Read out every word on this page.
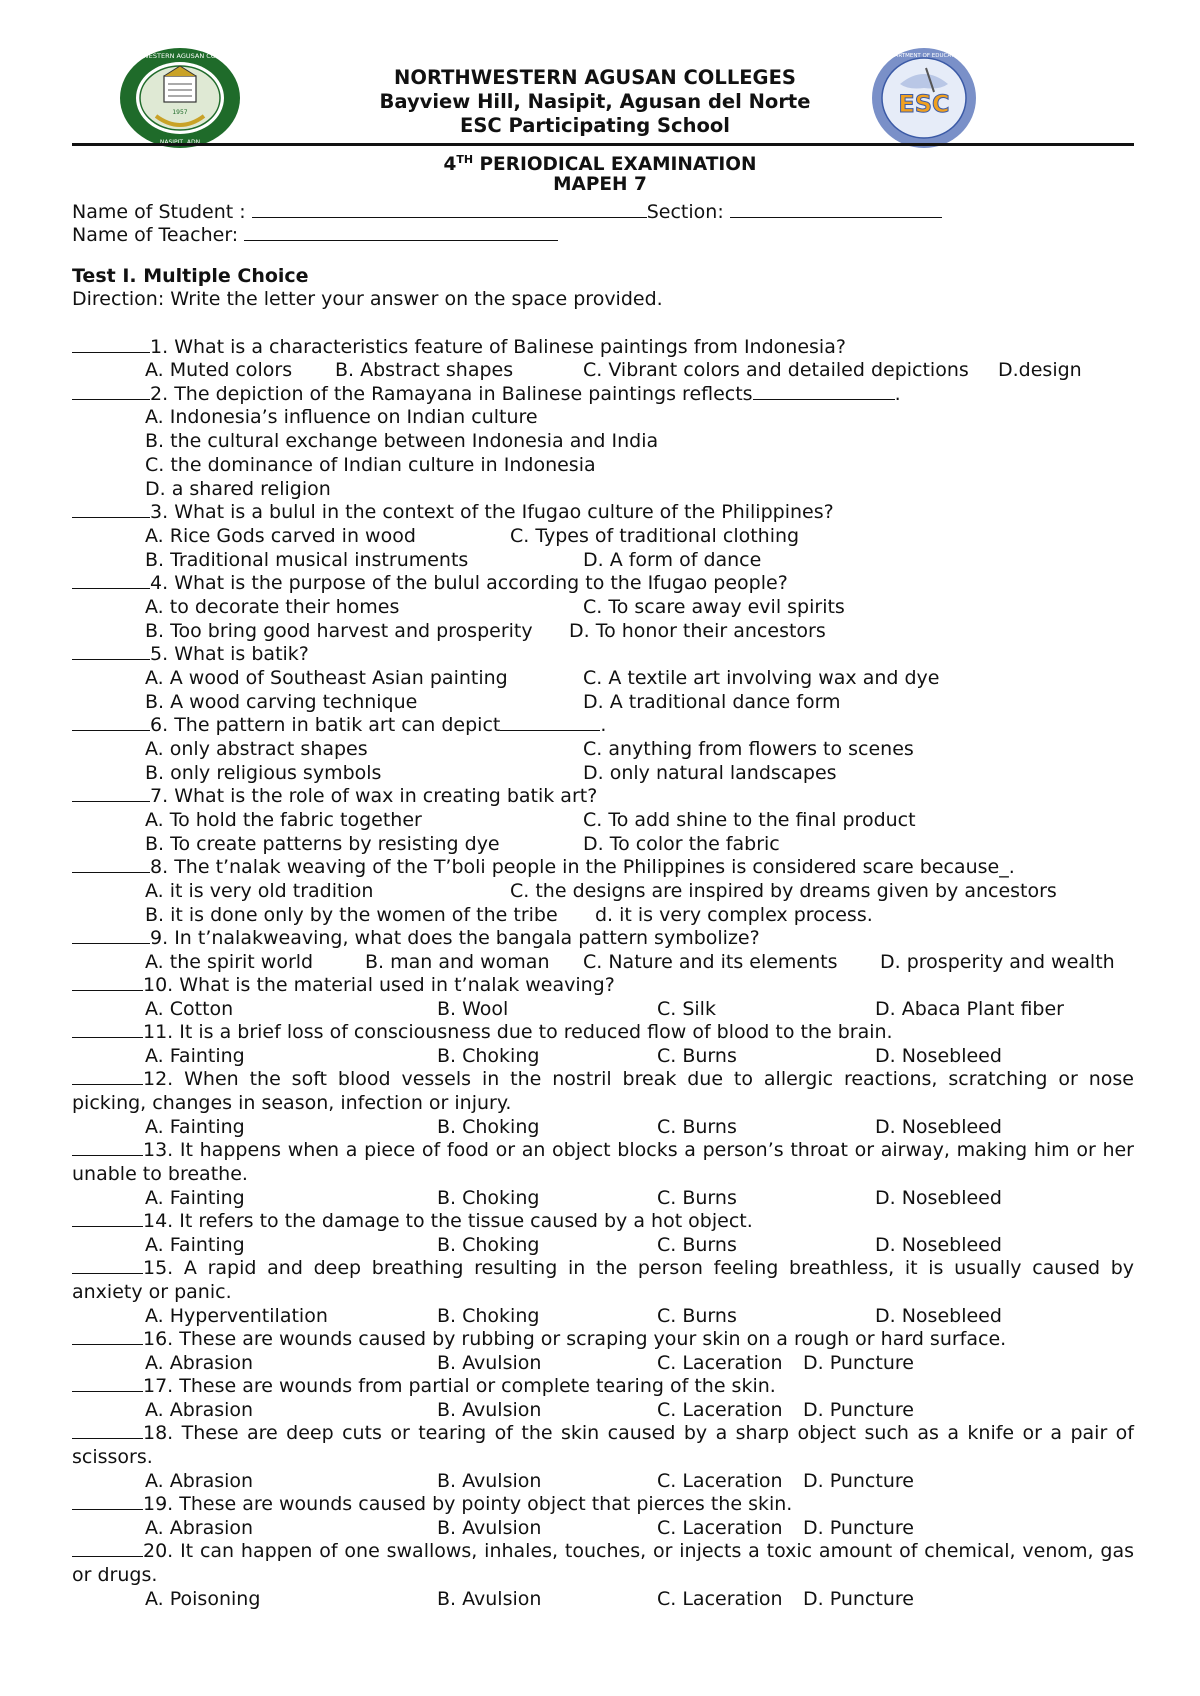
1957
NORTHWESTERN AGUSAN COLLEGES
ESC
DEPARTMENT OF EDUCATION
NORTHWESTERN AGUSAN COLLEGES
Bayview Hill, Nasipit, Agusan del Norte
ESC Participating School
4TH PERIODICAL EXAMINATION
MAPEH 7
Name of Student :	Section:
Name of Teacher:
Test I. Multiple Choice
Direction: Write the letter your answer on the space provided.
1. What is a characteristics feature of Balinese paintings from Indonesia?
A. Muted colors B. Abstract shapes	C. Vibrant colors and detailed depictions D.design
2. The depiction of the Ramayana in Balinese paintings reflects	.
A. Indonesia’s influence on Indian culture
B. the cultural exchange between Indonesia and India
C. the dominance of Indian culture in Indonesia
D. a shared religion
3. What is a bulul in the context of the Ifugao culture of the Philippines?
A. Rice Gods carved in wood	C. Types of traditional clothing
B. Traditional musical instruments	D. A form of dance
4. What is the purpose of the bulul according to the Ifugao people?
A. to decorate their homes	C. To scare away evil spirits
B. Too bring good harvest and prosperity D. To honor their ancestors
5. What is batik?
A. A wood of Southeast Asian painting	C. A textile art involving wax and dye
B. A wood carving technique	D. A traditional dance form
6. The pattern in batik art can depict	.
A. only abstract shapes	C. anything from flowers to scenes
B. only religious symbols	D. only natural landscapes
7. What is the role of wax in creating batik art?
A. To hold the fabric together	C. To add shine to the final product
B. To create patterns by resisting dye	D. To color the fabric
8. The t’nalak weaving of the T’boli people in the Philippines is considered scare because_.
A. it is very old tradition	C. the designs are inspired by dreams given by ancestors
B. it is done only by the women of the tribe d. it is very complex process.
9. In t’nalakweaving, what does the bangala pattern symbolize?
A. the spirit world	B. man and woman C. Nature and its elements D. prosperity and wealth
10. What is the material used in t’nalak weaving?
A. Cotton	B. Wool	C. Silk	D. Abaca Plant fiber
11. It is a brief loss of consciousness due to reduced flow of blood to the brain.
A. Fainting	B. Choking	C. Burns	D. Nosebleed
12. When the soft blood vessels in the nostril break due to allergic reactions, scratching or nose picking, changes in season, infection or injury.
A. Fainting	B. Choking	C. Burns	D. Nosebleed
13. It happens when a piece of food or an object blocks a person’s throat or airway, making him or her unable to breathe.
A. Fainting	B. Choking	C. Burns	D. Nosebleed
14. It refers to the damage to the tissue caused by a hot object.
A. Fainting	B. Choking	C. Burns	D. Nosebleed
15. A rapid and deep breathing resulting in the person feeling breathless, it is usually caused by anxiety or panic.
A. Hyperventilation	B. Choking	C. Burns	D. Nosebleed
16. These are wounds caused by rubbing or scraping your skin on a rough or hard surface.
A. Abrasion	B. Avulsion	C. Laceration D. Puncture
17. These are wounds from partial or complete tearing of the skin.
A. Abrasion	B. Avulsion	C. Laceration D. Puncture
18. These are deep cuts or tearing of the skin caused by a sharp object such as a knife or a pair of scissors.
A. Abrasion	B. Avulsion	C. Laceration D. Puncture
19. These are wounds caused by pointy object that pierces the skin.
A. Abrasion	B. Avulsion	C. Laceration D. Puncture
20. It can happen of one swallows, inhales, touches, or injects a toxic amount of chemical, venom, gas or drugs.
A. Poisoning	B. Avulsion	C. Laceration D. Puncture
